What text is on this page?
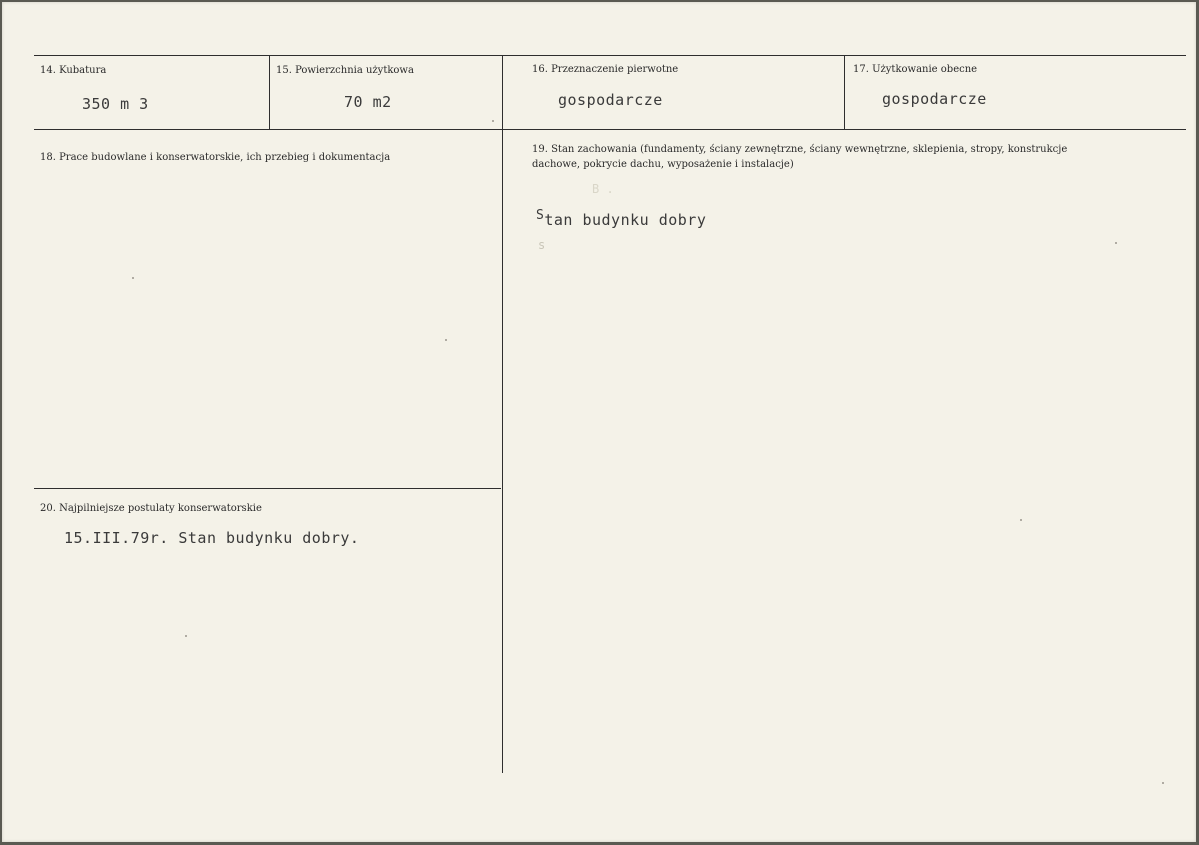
14. Kubatura
350 m 3
15. Powierzchnia użytkowa
70 m2
16. Przeznaczenie pierwotne
gospodarcze
17. Użytkowanie obecne
gospodarcze
18. Prace budowlane i konserwatorskie, ich przebieg i dokumentacja
19. Stan zachowania (fundamenty, ściany zewnętrzne, ściany wewnętrzne, sklepienia, stropy, konstrukcje dachowe, pokrycie dachu, wyposażenie i instalacje)
B .
Stan budynku dobry
s
20. Najpilniejsze postulaty konserwatorskie
15.III.79r. Stan budynku dobry.
